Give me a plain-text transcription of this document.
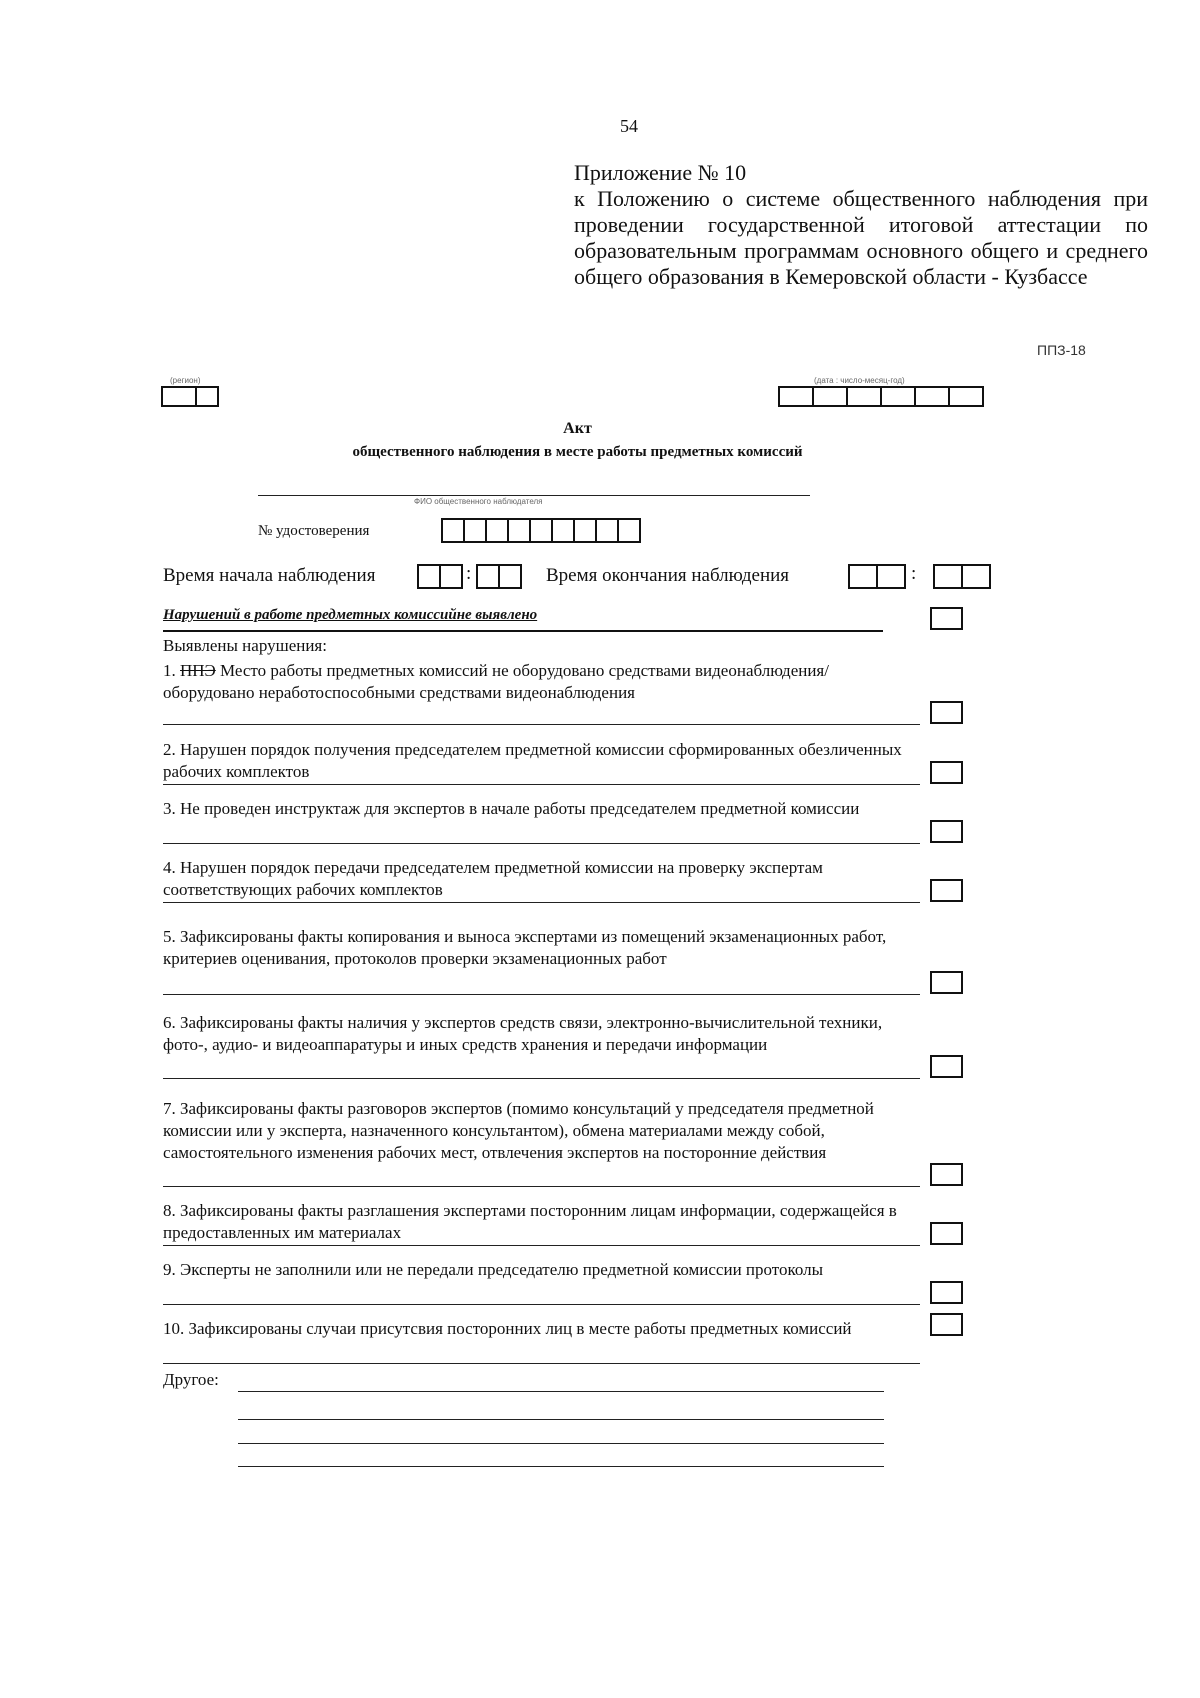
54
Приложение № 10
к Положению о системе общественного наблюдения при проведении государственной итоговой аттестации по образовательным программам основного общего и среднего общего образования в Кемеровской области - Кузбассе
ППЗ-18
(регион)	(дата : число-месяц-год)
Акт
общественного наблюдения в месте работы предметных комиссий
ФИО общественного наблюдателя
№ удостоверения
Время начала наблюдения	:	Время окончания наблюдения	:
Нарушений в работе предметных комиссийне выявлено
Выявлены нарушения:
1. ППЭ Место работы предметных комиссий не оборудовано средствами видеонаблюдения/оборудовано неработоспособными средствами видеонаблюдения
2. Нарушен порядок получения председателем предметной комиссии сформированных обезличенных рабочих комплектов
3. Не проведен инструктаж для экспертов в начале работы председателем предметной комиссии
4. Нарушен порядок передачи председателем предметной комиссии на проверку экспертам соответствующих рабочих комплектов
5. Зафиксированы факты копирования и выноса экспертами из помещений экзаменационных работ, критериев оценивания, протоколов проверки экзаменационных работ
6. Зафиксированы факты наличия у экспертов средств связи, электронно-вычислительной техники, фото-, аудио- и видеоаппаратуры и иных средств хранения и передачи информации
7. Зафиксированы факты разговоров экспертов (помимо консультаций у председателя предметной комиссии или у эксперта, назначенного консультантом), обмена материалами между собой, самостоятельного изменения рабочих мест, отвлечения экспертов на посторонние действия
8. Зафиксированы факты разглашения экспертами посторонним лицам информации, содержащейся в предоставленных им материалах
9. Эксперты не заполнили или не передали председателю предметной комиссии протоколы
10. Зафиксированы случаи присутсвия посторонних лиц в месте работы предметных комиссий
Другое:
